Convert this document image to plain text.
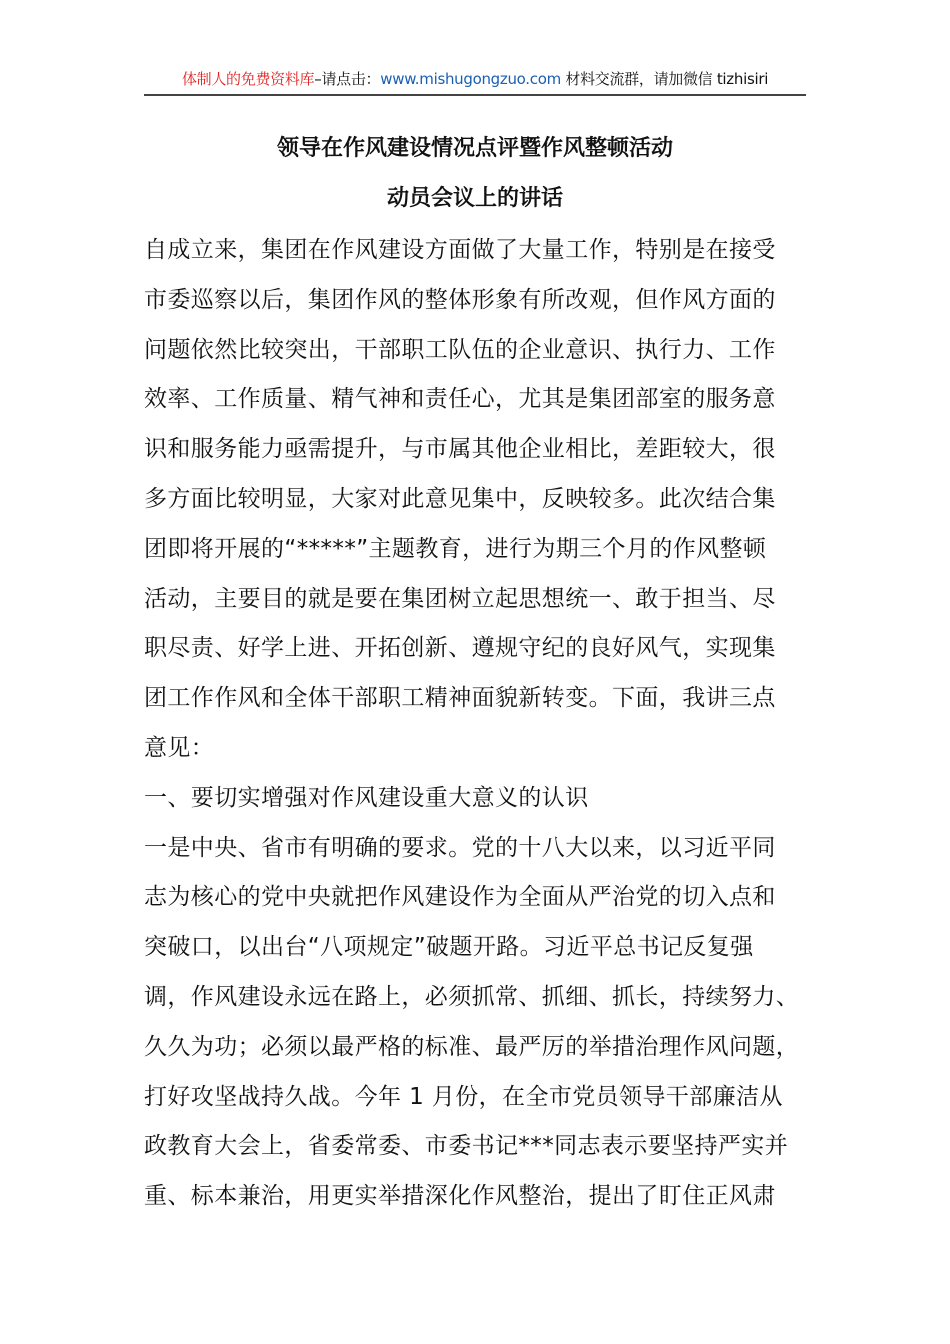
体制人的免费资料库–请点击：www.mishugongzuo.com 材料交流群，请加微信 tizhisiri
领导在作风建设情况点评暨作风整顿活动
动员会议上的讲话
自成立来，集团在作风建设方面做了大量工作，特别是在接受
市委巡察以后，集团作风的整体形象有所改观，但作风方面的
问题依然比较突出，干部职工队伍的企业意识、执行力、工作
效率、工作质量、精气神和责任心，尤其是集团部室的服务意
识和服务能力亟需提升，与市属其他企业相比，差距较大，很
多方面比较明显，大家对此意见集中，反映较多。此次结合集
团即将开展的“*****”主题教育，进行为期三个月的作风整顿
活动，主要目的就是要在集团树立起思想统一、敢于担当、尽
职尽责、好学上进、开拓创新、遵规守纪的良好风气，实现集
团工作作风和全体干部职工精神面貌新转变。下面，我讲三点
意见：
一、要切实增强对作风建设重大意义的认识
一是中央、省市有明确的要求。党的十八大以来，以习近平同
志为核心的党中央就把作风建设作为全面从严治党的切入点和
突破口，以出台“八项规定”破题开路。习近平总书记反复强
调，作风建设永远在路上，必须抓常、抓细、抓长，持续努力、
久久为功；必须以最严格的标准、最严厉的举措治理作风问题，
打好攻坚战持久战。今年 1 月份，在全市党员领导干部廉洁从
政教育大会上，省委常委、市委书记***同志表示要坚持严实并
重、标本兼治，用更实举措深化作风整治，提出了盯住正风肃
